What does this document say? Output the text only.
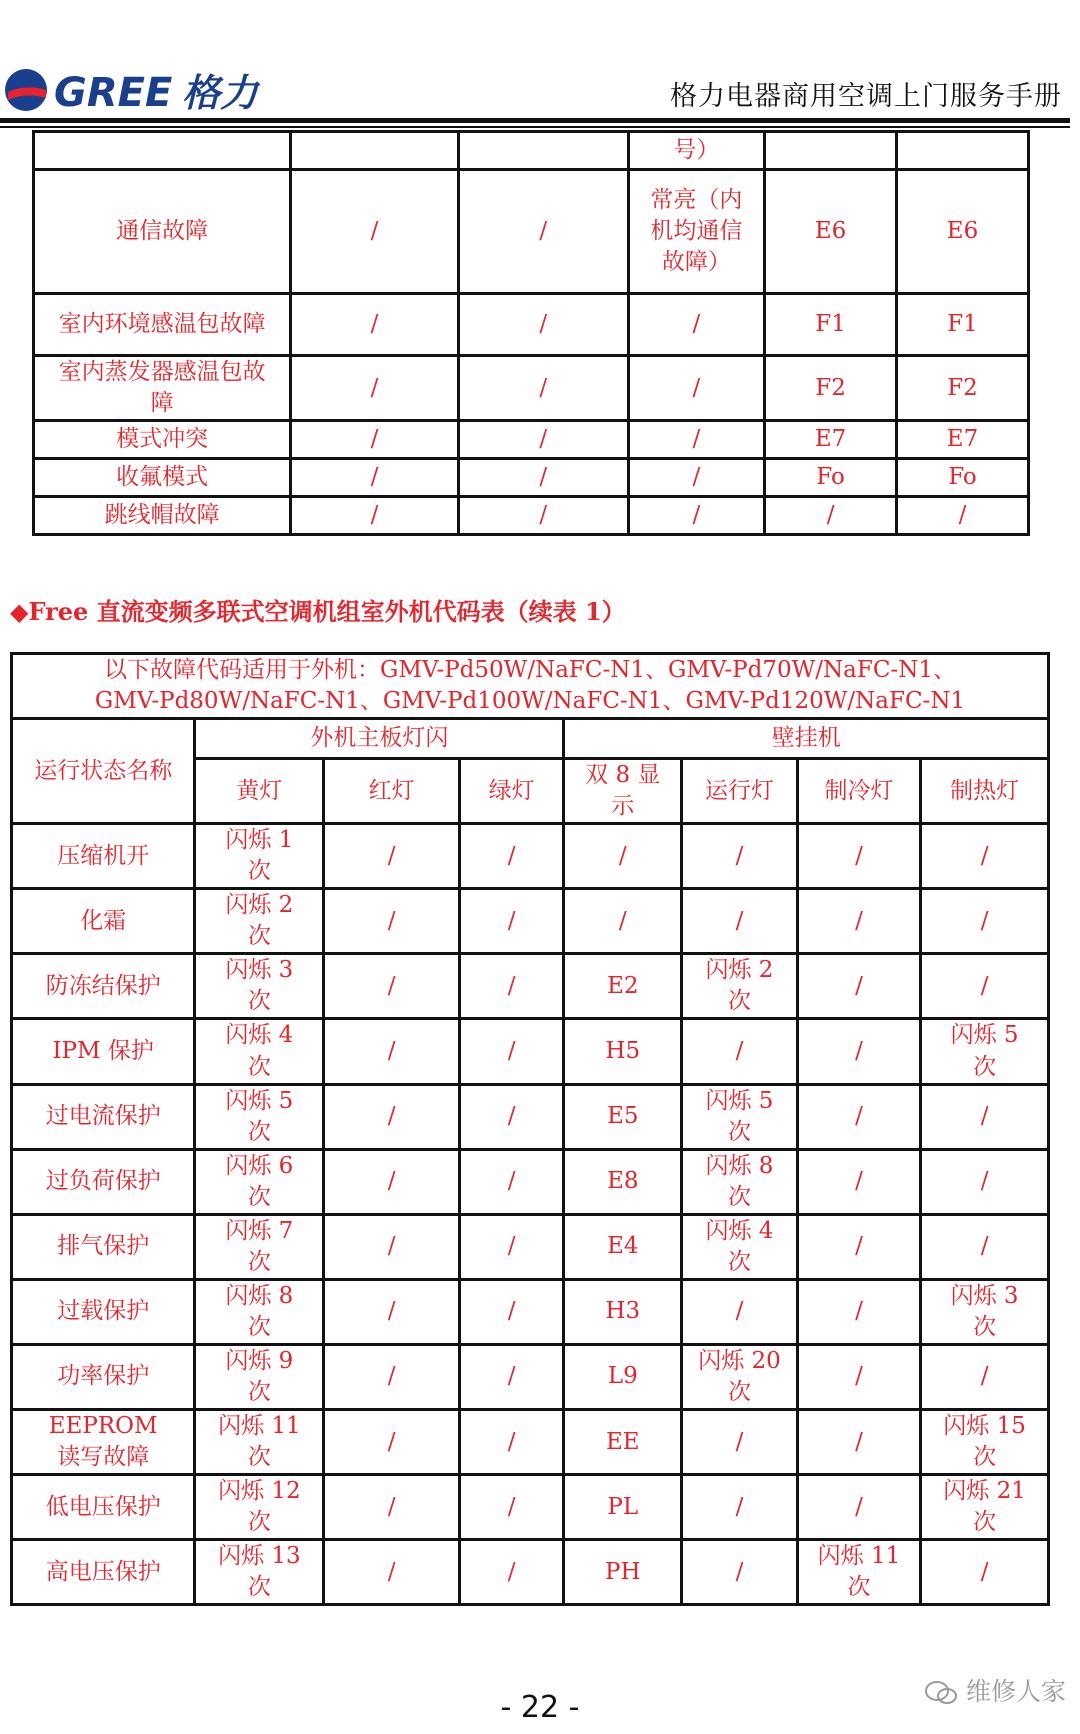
GREE 格力	格力电器商用空调上门服务手册
			号）		
通信故障	/	/	常亮（内机均通信故障）	E6	E6
室内环境感温包故障	/	/	/	F1	F1
室内蒸发器感温包故障	/	/	/	F2	F2
模式冲突	/	/	/	E7	E7
收氟模式	/	/	/	Fo	Fo
跳线帽故障	/	/	/	/	/
◆Free 直流变频多联式空调机组室外机代码表（续表 1）
以下故障代码适用于外机：GMV-Pd50W/NaFC-N1、GMV-Pd70W/NaFC-N1、GMV-Pd80W/NaFC-N1、GMV-Pd100W/NaFC-N1、GMV-Pd120W/NaFC-N1							
运行状态名称	外机主板灯闪			壁挂机			
	黄灯	红灯	绿灯	双 8 显示	运行灯	制冷灯	制热灯
压缩机开	闪烁 1 次	/	/	/	/	/	/
化霜	闪烁 2 次	/	/	/	/	/	/
防冻结保护	闪烁 3 次	/	/	E2	闪烁 2 次	/	/
IPM 保护	闪烁 4 次	/	/	H5	/	/	闪烁 5 次
过电流保护	闪烁 5 次	/	/	E5	闪烁 5 次	/	/
过负荷保护	闪烁 6 次	/	/	E8	闪烁 8 次	/	/
排气保护	闪烁 7 次	/	/	E4	闪烁 4 次	/	/
过载保护	闪烁 8 次	/	/	H3	/	/	闪烁 3 次
功率保护	闪烁 9 次	/	/	L9	闪烁 20 次	/	/
EEPROM 读写故障	闪烁 11 次	/	/	EE	/	/	闪烁 15 次
低电压保护	闪烁 12 次	/	/	PL	/	/	闪烁 21 次
高电压保护	闪烁 13 次	/	/	PH	/	闪烁 11 次	/
- 22 -	维修人家
